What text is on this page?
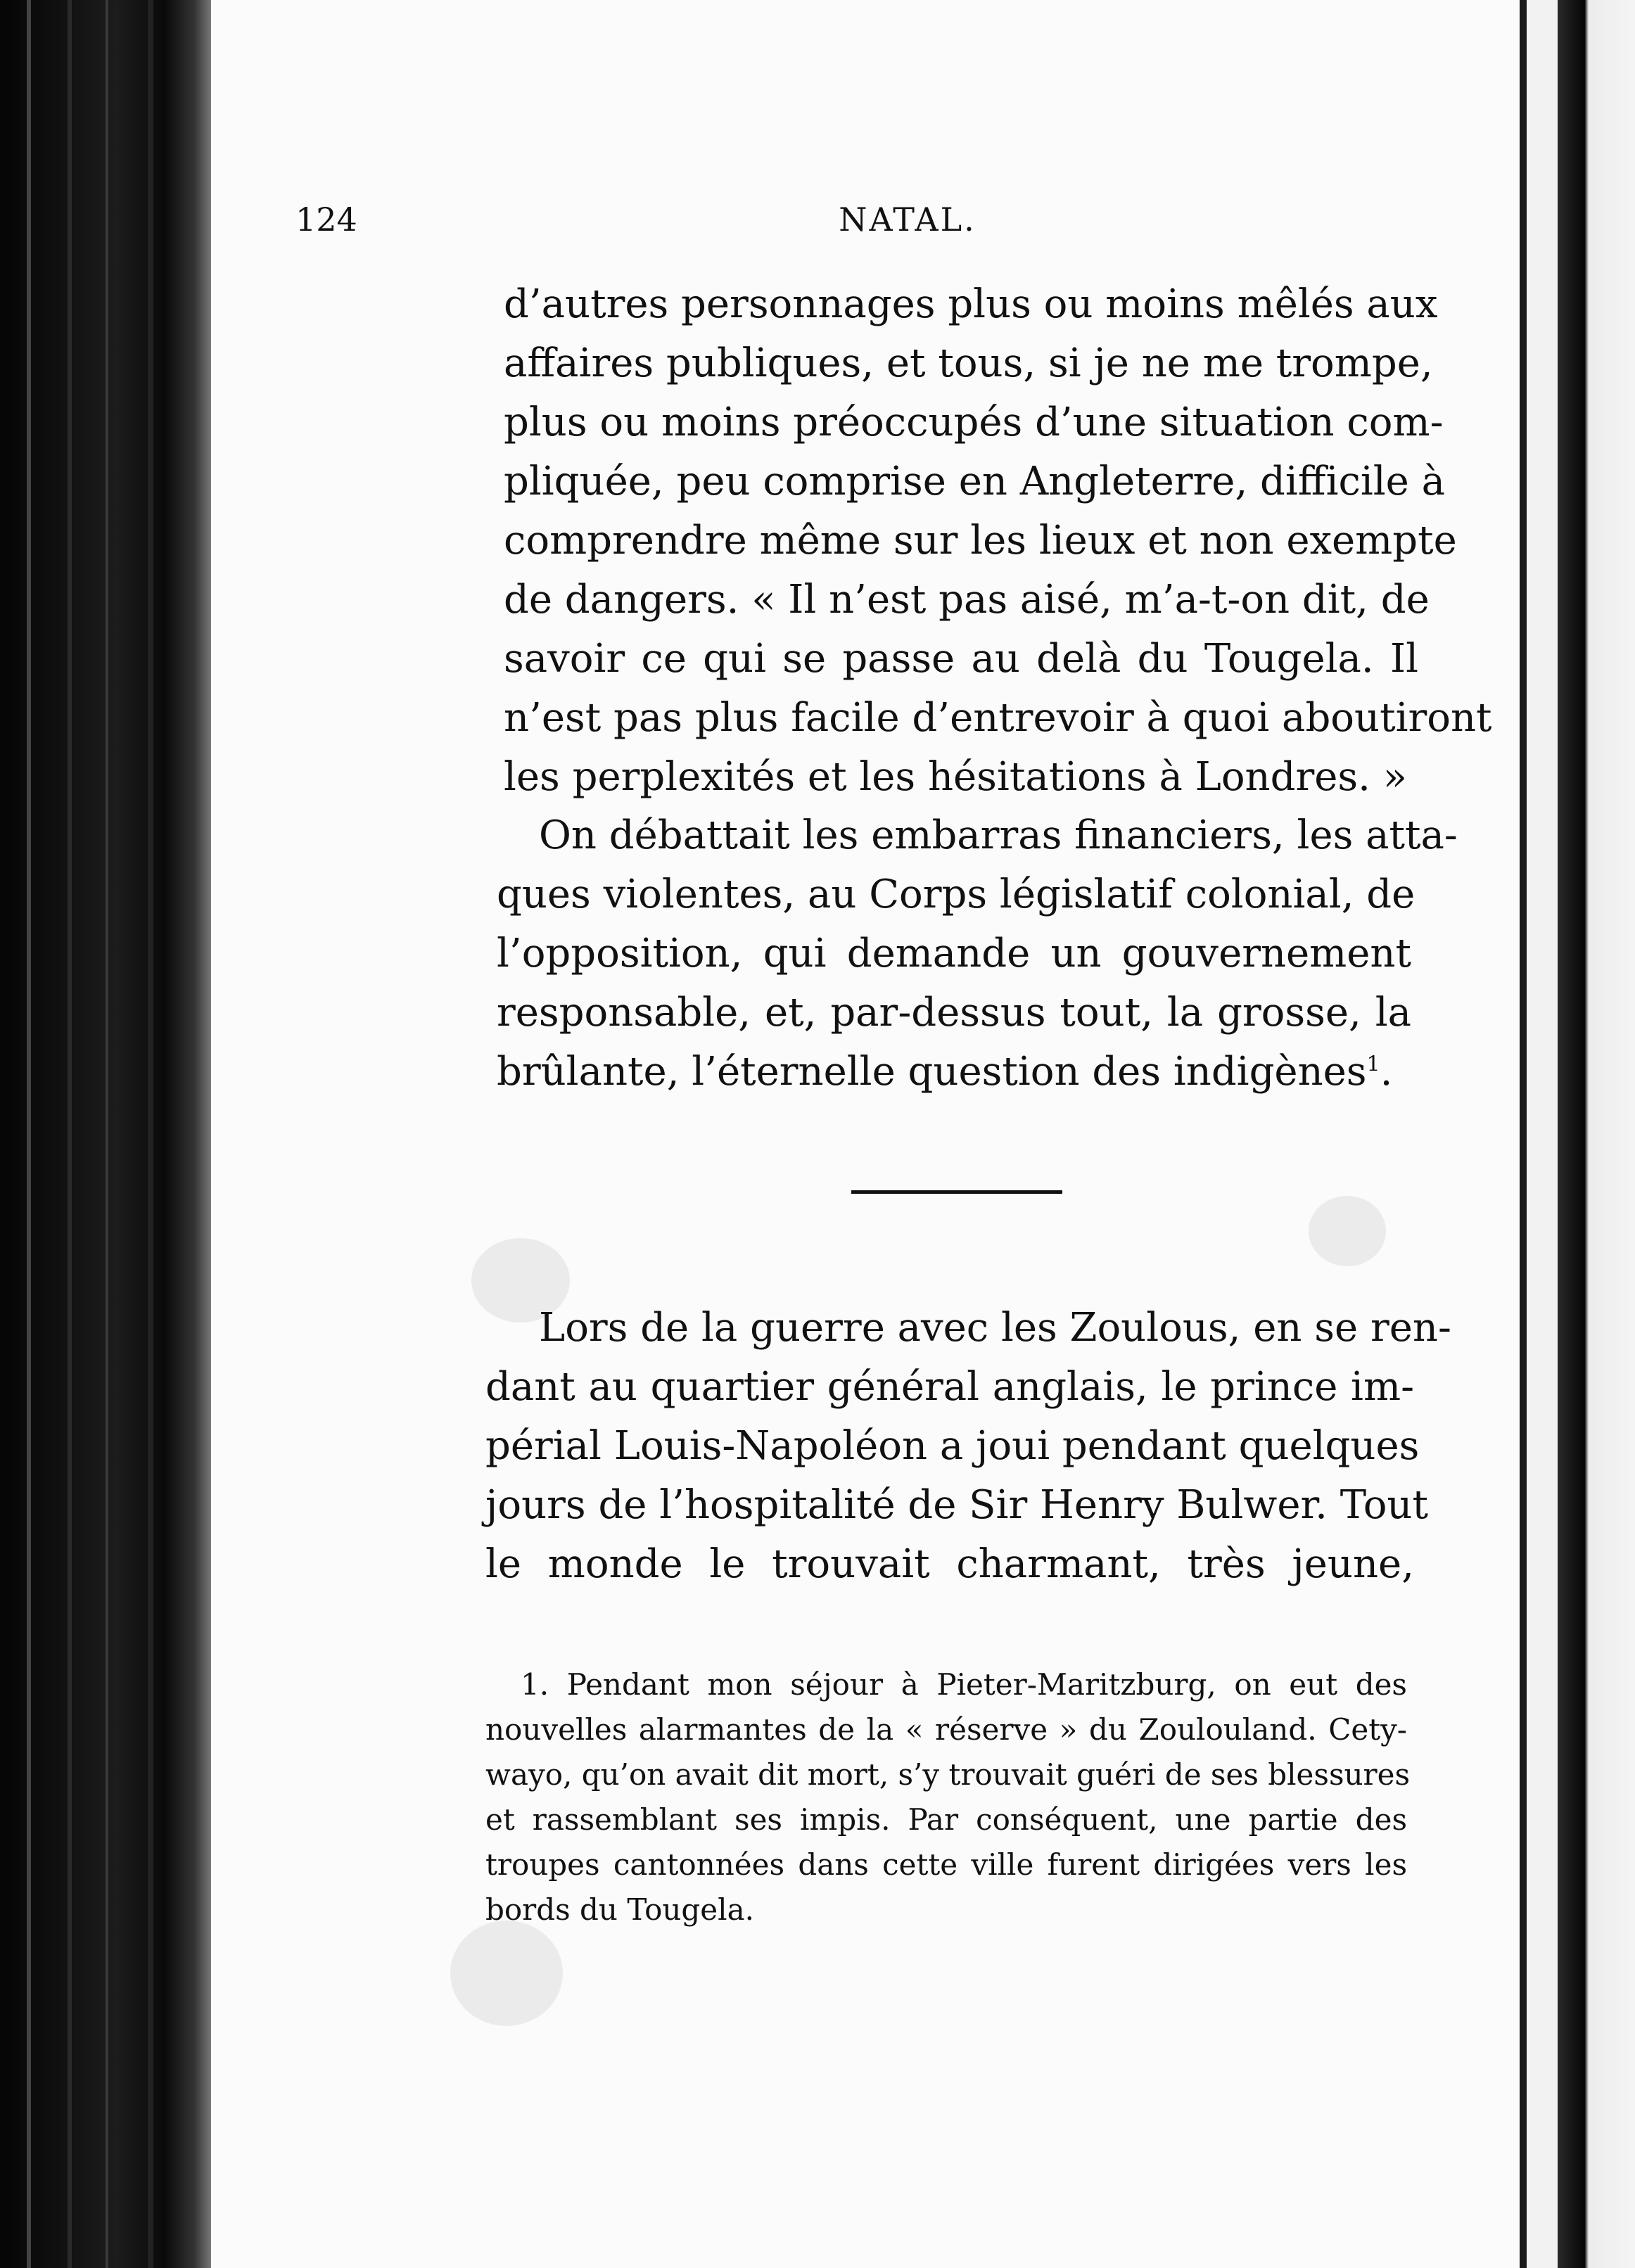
124	NATAL.
d’autres personnages plus ou moins mêlés aux
affaires publiques, et tous, si je ne me trompe,
plus ou moins préoccupés d’une situation com-
pliquée, peu comprise en Angleterre, difficile à
comprendre même sur les lieux et non exempte
de dangers. « Il n’est pas aisé, m’a-t-on dit, de
savoir ce qui se passe au delà du Tougela. Il
n’est pas plus facile d’entrevoir à quoi aboutiront
les perplexités et les hésitations à Londres. »
On débattait les embarras financiers, les atta-
ques violentes, au Corps législatif colonial, de
l’opposition, qui demande un gouvernement
responsable, et, par-dessus tout, la grosse, la
brûlante, l’éternelle question des indigènes$^1$.
Lors de la guerre avec les Zoulous, en se ren-
dant au quartier général anglais, le prince im-
périal Louis-Napoléon a joui pendant quelques
jours de l’hospitalité de Sir Henry Bulwer. Tout
le monde le trouvait charmant, très jeune,
1. Pendant mon séjour à Pieter-Maritzburg, on eut des
nouvelles alarmantes de la « réserve » du Zoulouland. Cety-
wayo, qu’on avait dit mort, s’y trouvait guéri de ses blessures
et rassemblant ses impis. Par conséquent, une partie des
troupes cantonnées dans cette ville furent dirigées vers les
bords du Tougela.
